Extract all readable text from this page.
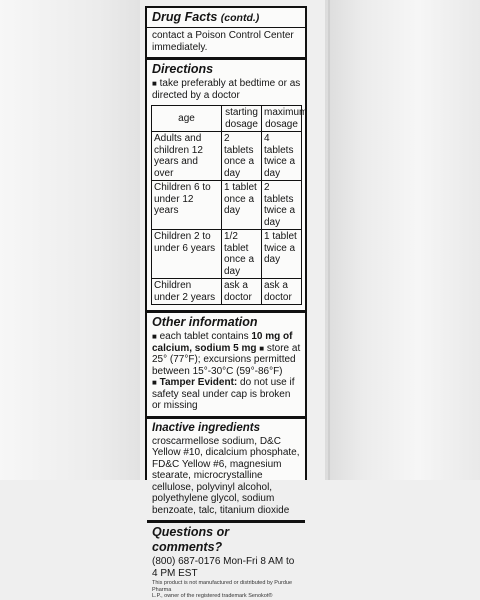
Drug Facts (contd.)
contact a Poison Control Center immediately.
Directions
■ take preferably at bedtime or as directed by a doctor
age	starting dosage	maximum dosage
Adults and children 12 years and over	2 tablets once a day	4 tablets twice a day
Children 6 to under 12 years	1 tablet once a day	2 tablets twice a day
Children 2 to under 6 years	1/2 tablet once a day	1 tablet twice a day
Children under 2 years	ask a doctor	ask a doctor
Other information
■ each tablet contains 10 mg of calcium, sodium 5 mg ■ store at 25° (77°F); excursions permitted between 15°-30°C (59°-86°F)
■ Tamper Evident: do not use if safety seal under cap is broken or missing
Inactive ingredients croscarmellose sodium, D&C Yellow #10, dicalcium phosphate, FD&C Yellow #6, magnesium stearate, microcrystalline cellulose, polyvinyl alcohol, polyethylene glycol, sodium benzoate, talc, titanium dioxide
Questions or comments?
(800) 687-0176 Mon-Fri 8 AM to 4 PM EST
This product is not manufactured or distributed by Purdue Pharma
L.P., owner of the registered trademark Senokot®
